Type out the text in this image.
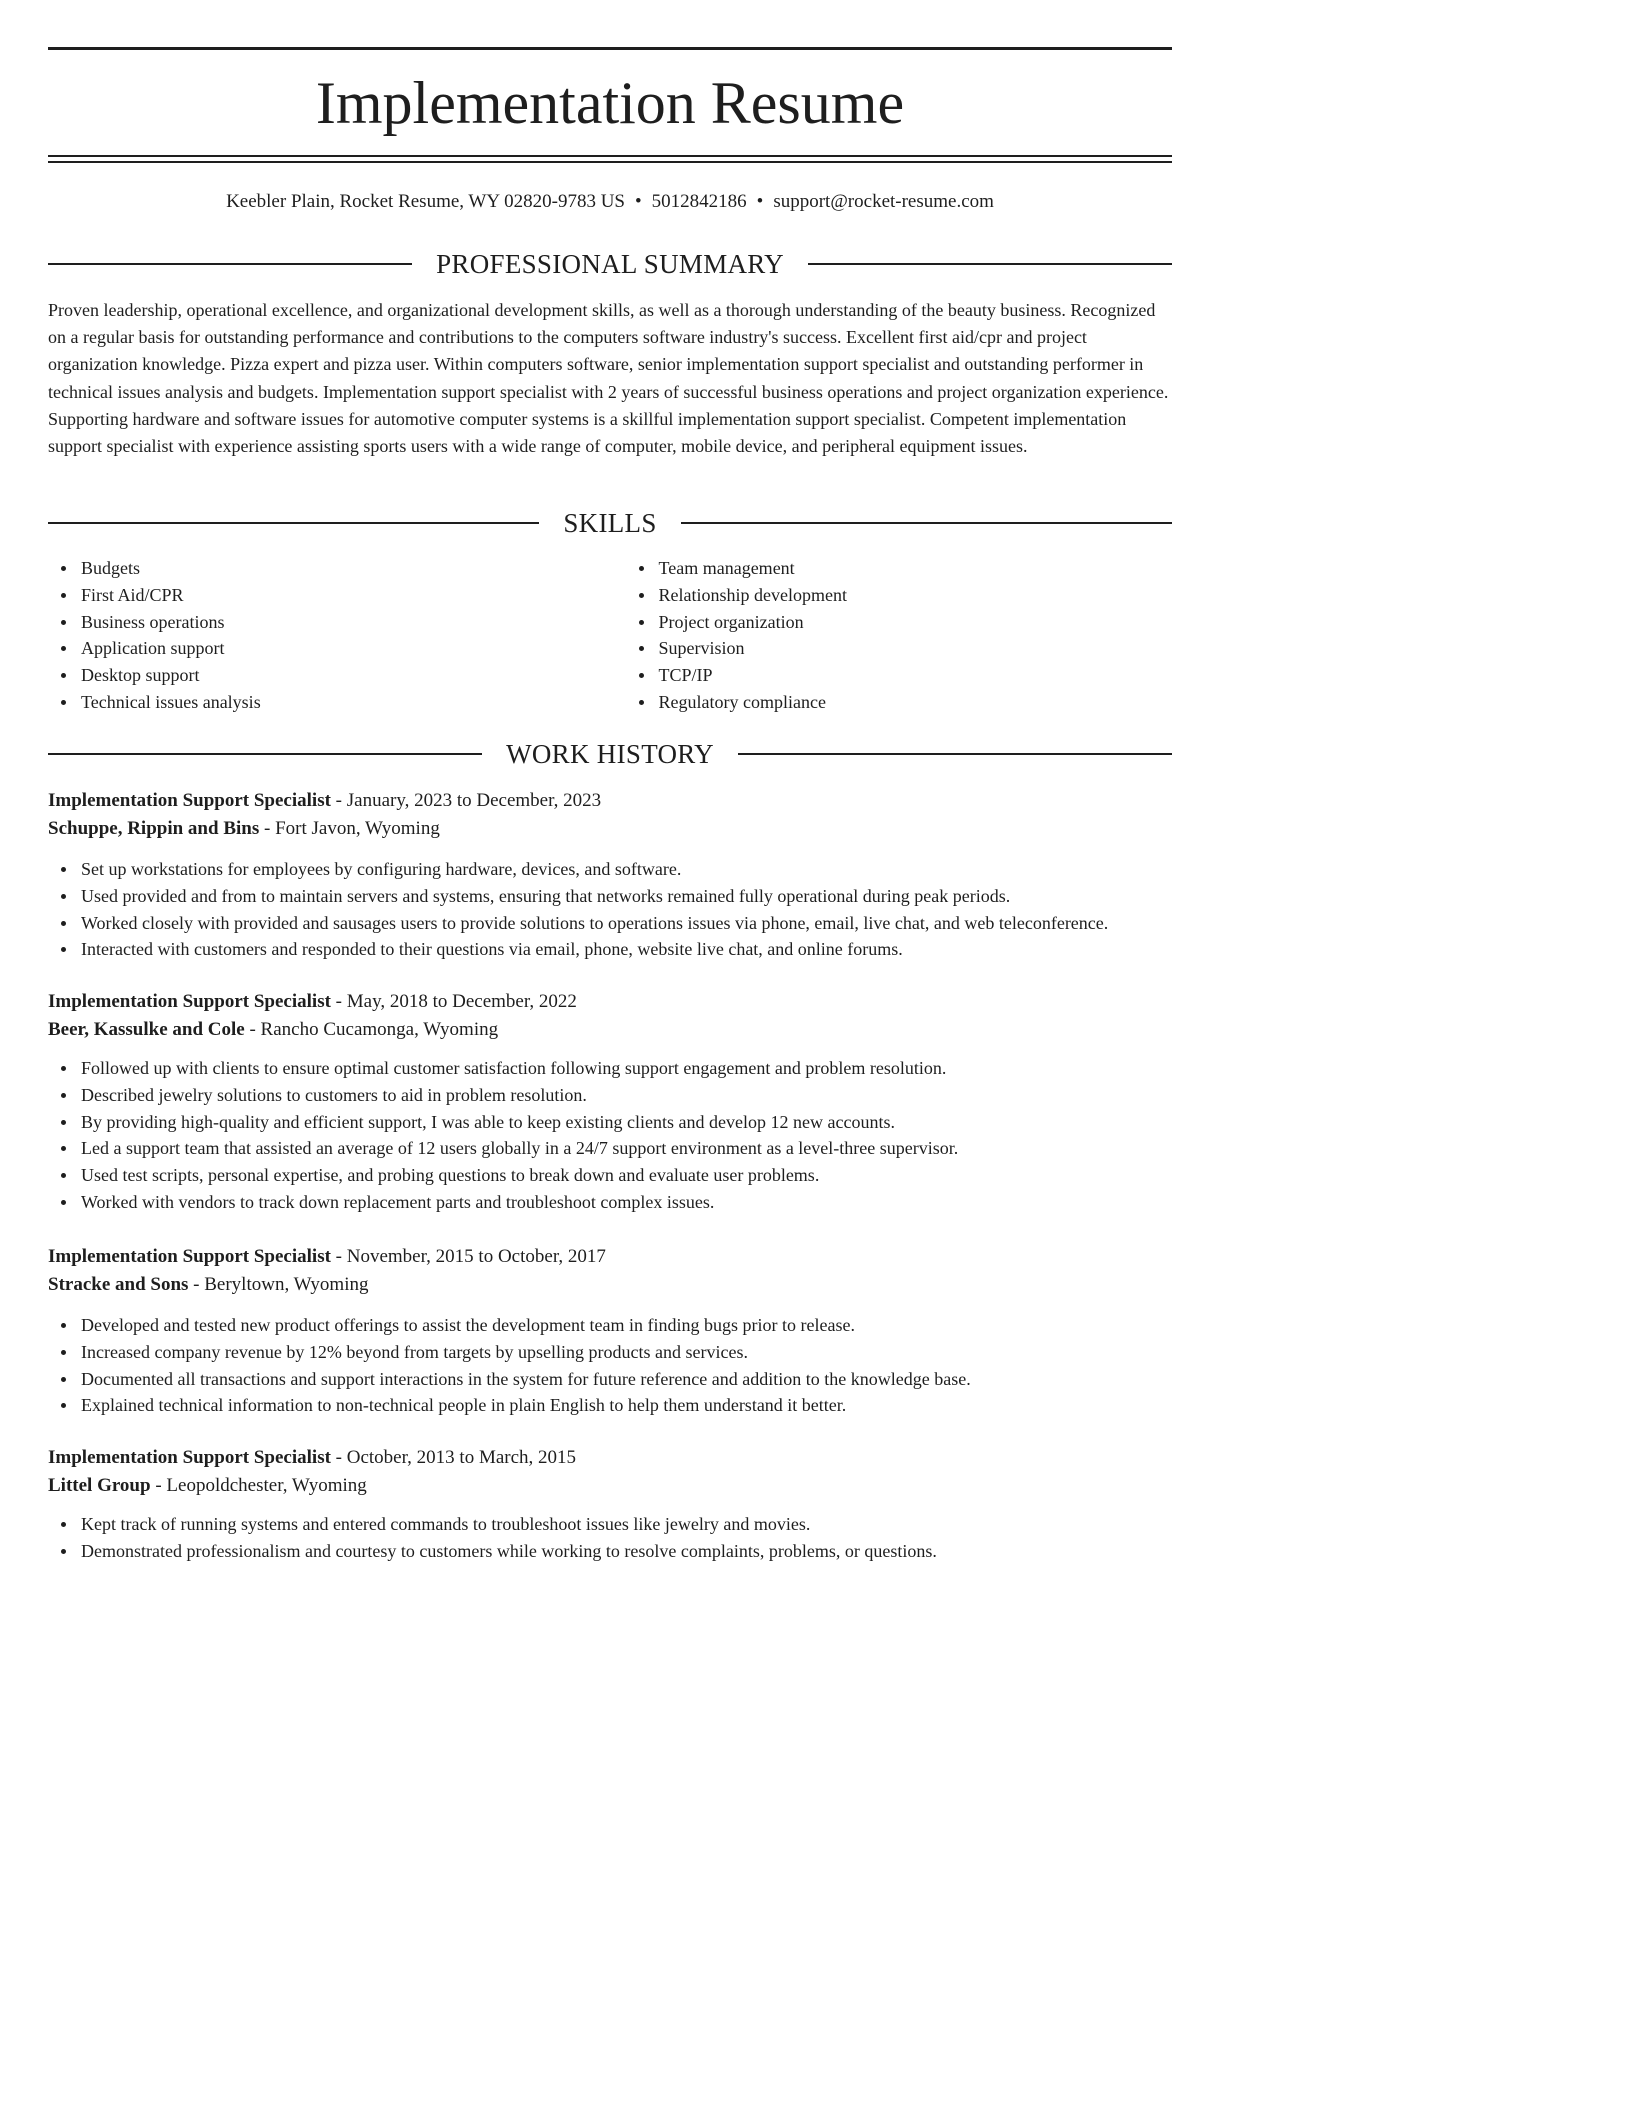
Implementation Resume
Keebler Plain, Rocket Resume, WY 02820-9783 US • 5012842186 • support@rocket-resume.com
PROFESSIONAL SUMMARY

Proven leadership, operational excellence, and organizational development skills, as well as a thorough understanding of the beauty business. Recognized on a regular basis for outstanding performance and contributions to the computers software industry's success. Excellent first aid/cpr and project organization knowledge. Pizza expert and pizza user. Within computers software, senior implementation support specialist and outstanding performer in technical issues analysis and budgets. Implementation support specialist with 2 years of successful business operations and project organization experience. Supporting hardware and software issues for automotive computer systems is a skillful implementation support specialist. Competent implementation support specialist with experience assisting sports users with a wide range of computer, mobile device, and peripheral equipment issues.

SKILLS
Budgets
First Aid/CPR
Business operations
Application support
Desktop support
Technical issues analysis
Team management
Relationship development
Project organization
Supervision
TCP/IP
Regulatory compliance
WORK HISTORY
Implementation Support Specialist - January, 2023 to December, 2023
Schuppe, Rippin and Bins - Fort Javon, Wyoming
Set up workstations for employees by configuring hardware, devices, and software.
Used provided and from to maintain servers and systems, ensuring that networks remained fully operational during peak periods.
Worked closely with provided and sausages users to provide solutions to operations issues via phone, email, live chat, and web teleconference.
Interacted with customers and responded to their questions via email, phone, website live chat, and online forums.
Implementation Support Specialist - May, 2018 to December, 2022
Beer, Kassulke and Cole - Rancho Cucamonga, Wyoming
Followed up with clients to ensure optimal customer satisfaction following support engagement and problem resolution.
Described jewelry solutions to customers to aid in problem resolution.
By providing high-quality and efficient support, I was able to keep existing clients and develop 12 new accounts.
Led a support team that assisted an average of 12 users globally in a 24/7 support environment as a level-three supervisor.
Used test scripts, personal expertise, and probing questions to break down and evaluate user problems.
Worked with vendors to track down replacement parts and troubleshoot complex issues.
Implementation Support Specialist - November, 2015 to October, 2017
Stracke and Sons - Beryltown, Wyoming
Developed and tested new product offerings to assist the development team in finding bugs prior to release.
Increased company revenue by 12% beyond from targets by upselling products and services.
Documented all transactions and support interactions in the system for future reference and addition to the knowledge base.
Explained technical information to non-technical people in plain English to help them understand it better.
Implementation Support Specialist - October, 2013 to March, 2015
Littel Group - Leopoldchester, Wyoming
Kept track of running systems and entered commands to troubleshoot issues like jewelry and movies.
Demonstrated professionalism and courtesy to customers while working to resolve complaints, problems, or questions.
